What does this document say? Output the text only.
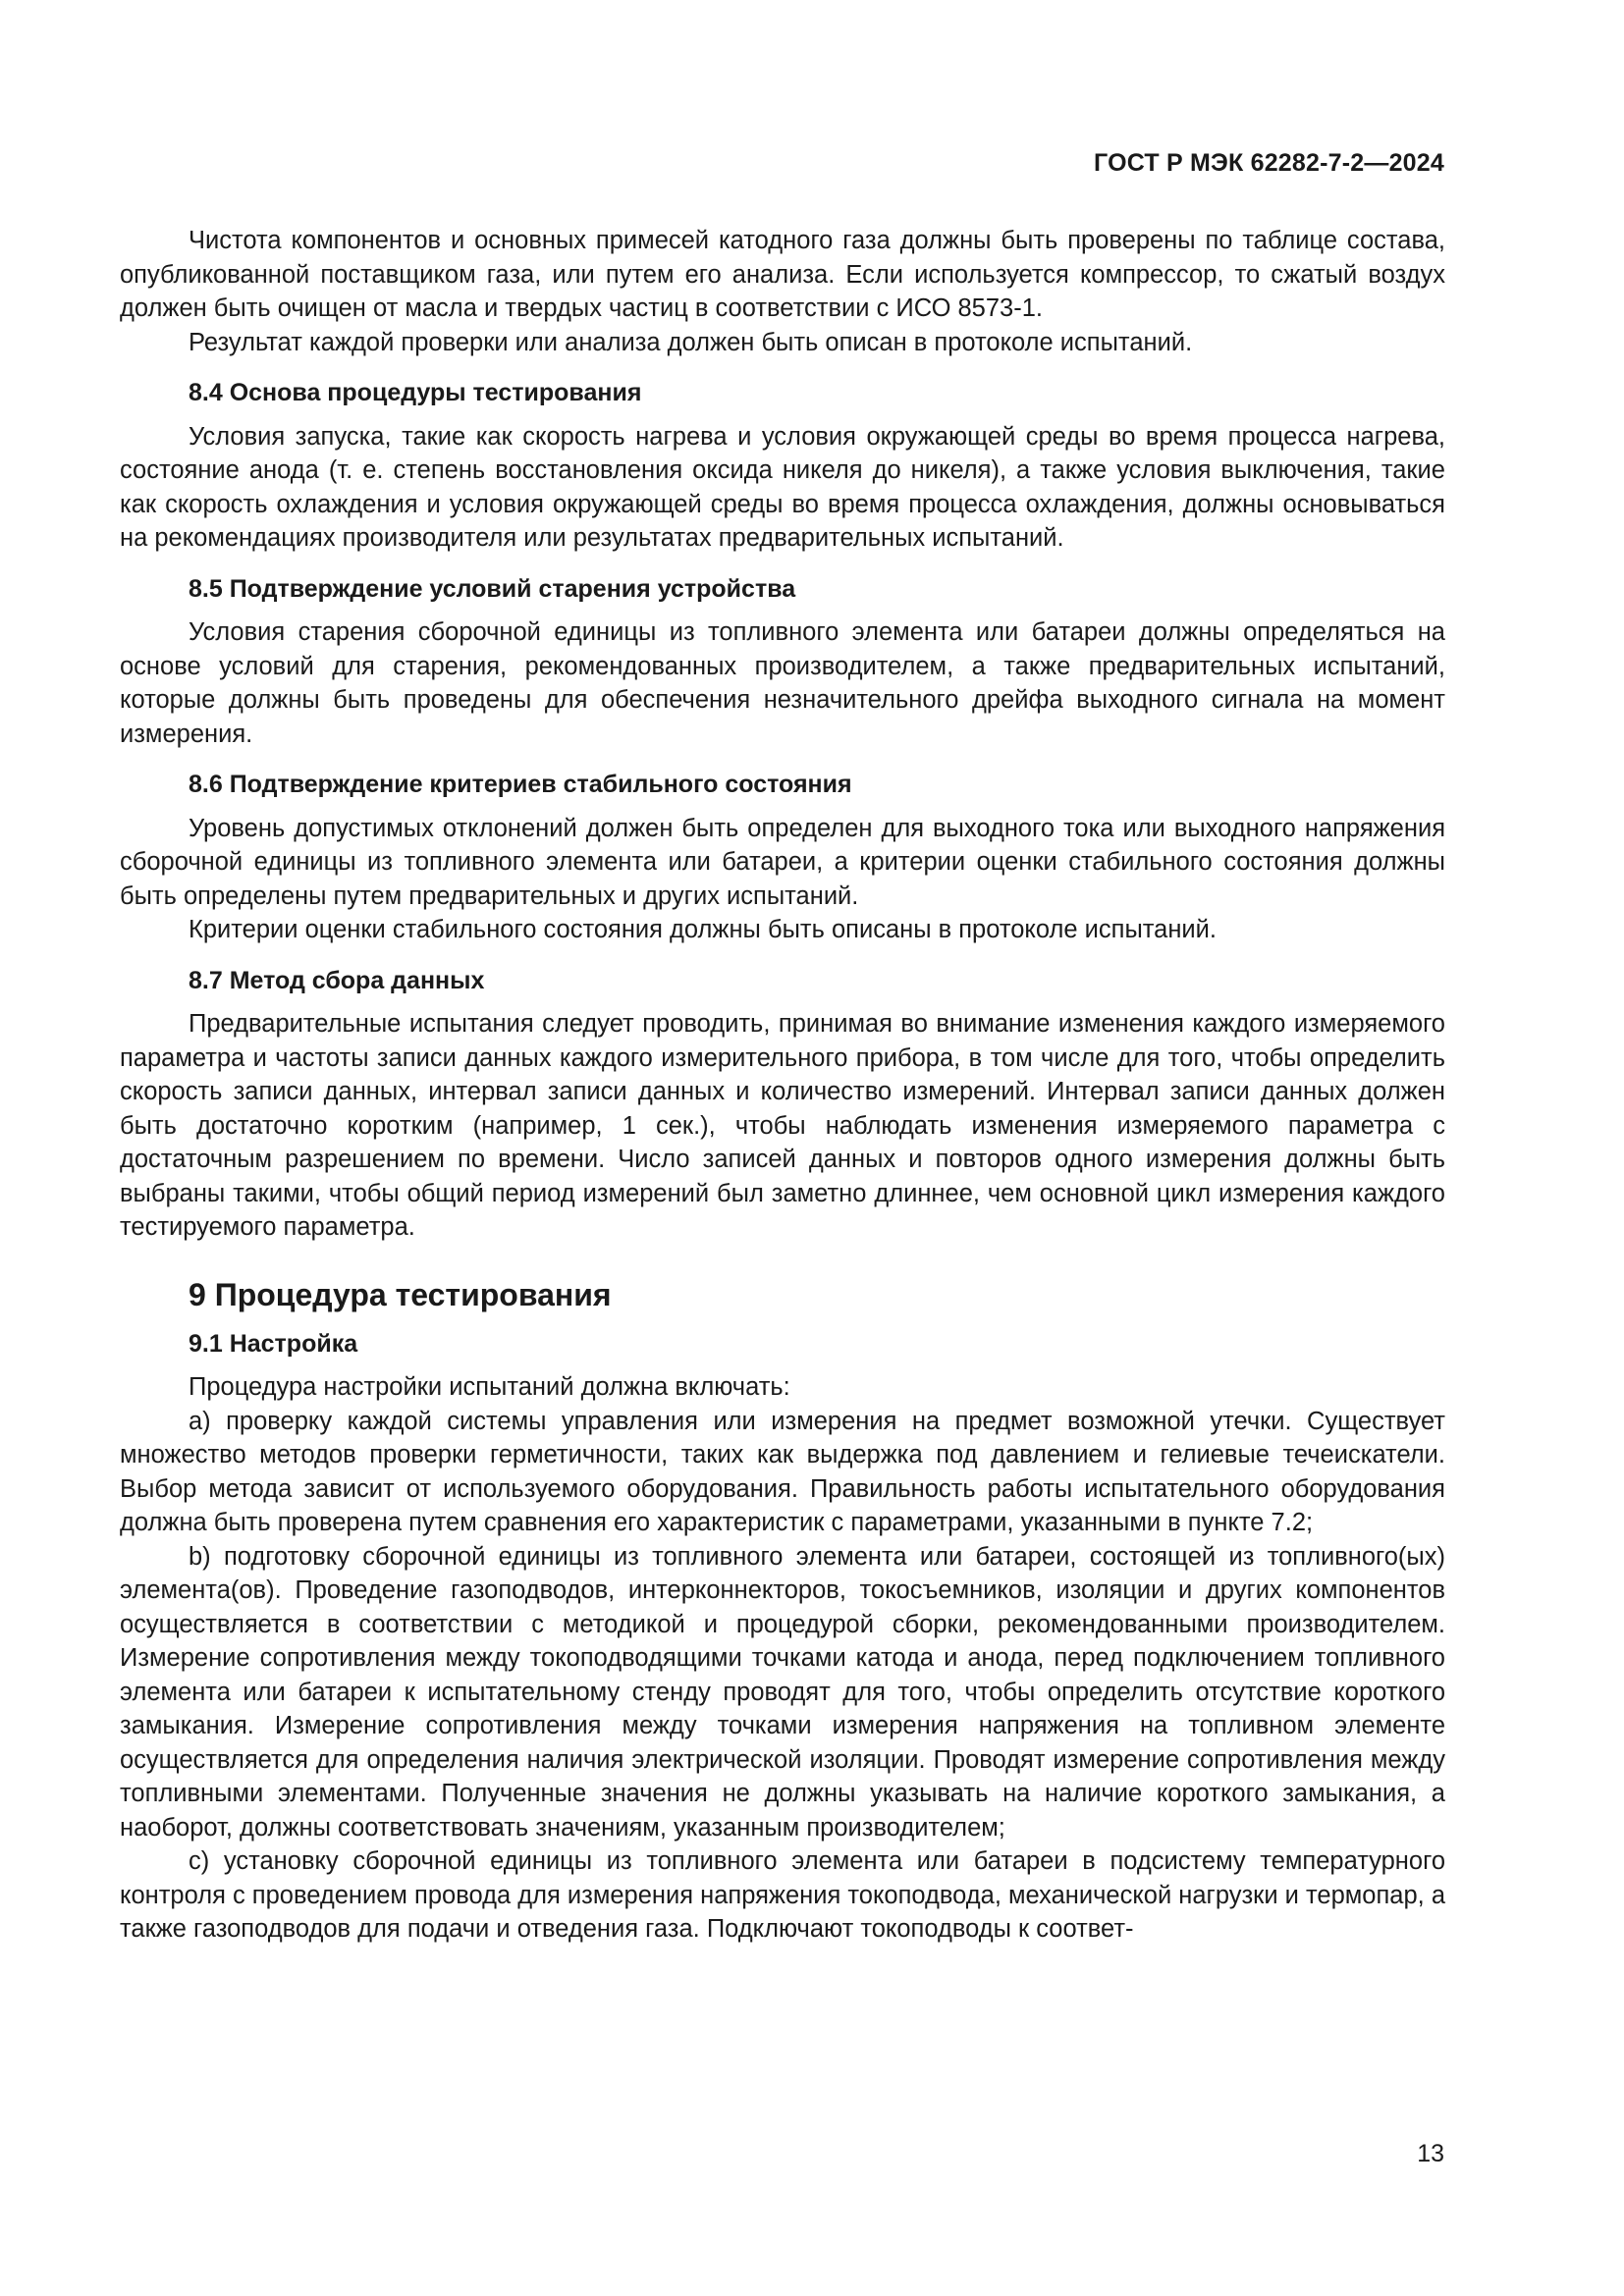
ГОСТ Р МЭК 62282-7-2—2024

Чистота компонентов и основных примесей катодного газа должны быть проверены по таблице состава, опубликованной поставщиком газа, или путем его анализа. Если используется компрессор, то сжатый воздух должен быть очищен от масла и твердых частиц в соответствии с ИСО 8573-1.

Результат каждой проверки или анализа должен быть описан в протоколе испытаний.

8.4 Основа процедуры тестирования

Условия запуска, такие как скорость нагрева и условия окружающей среды во время процесса нагрева, состояние анода (т. е. степень восстановления оксида никеля до никеля), а также условия выключения, такие как скорость охлаждения и условия окружающей среды во время процесса охлаждения, должны основываться на рекомендациях производителя или результатах предварительных испытаний.

8.5 Подтверждение условий старения устройства

Условия старения сборочной единицы из топливного элемента или батареи должны определяться на основе условий для старения, рекомендованных производителем, а также предварительных испытаний, которые должны быть проведены для обеспечения незначительного дрейфа выходного сигнала на момент измерения.

8.6 Подтверждение критериев стабильного состояния

Уровень допустимых отклонений должен быть определен для выходного тока или выходного напряжения сборочной единицы из топливного элемента или батареи, а критерии оценки стабильного состояния должны быть определены путем предварительных и других испытаний.

Критерии оценки стабильного состояния должны быть описаны в протоколе испытаний.

8.7 Метод сбора данных

Предварительные испытания следует проводить, принимая во внимание изменения каждого измеряемого параметра и частоты записи данных каждого измерительного прибора, в том числе для того, чтобы определить скорость записи данных, интервал записи данных и количество измерений. Интервал записи данных должен быть достаточно коротким (например, 1 сек.), чтобы наблюдать изменения измеряемого параметра с достаточным разрешением по времени. Число записей данных и повторов одного измерения должны быть выбраны такими, чтобы общий период измерений был заметно длиннее, чем основной цикл измерения каждого тестируемого параметра.

9 Процедура тестирования
9.1 Настройка

Процедура настройки испытаний должна включать:

a) проверку каждой системы управления или измерения на предмет возможной утечки. Существует множество методов проверки герметичности, таких как выдержка под давлением и гелиевые течеискатели. Выбор метода зависит от используемого оборудования. Правильность работы испытательного оборудования должна быть проверена путем сравнения его характеристик с параметрами, указанными в пункте 7.2;

b) подготовку сборочной единицы из топливного элемента или батареи, состоящей из топливного(ых) элемента(ов). Проведение газоподводов, интерконнекторов, токосъемников, изоляции и других компонентов осуществляется в соответствии с методикой и процедурой сборки, рекомендованными производителем. Измерение сопротивления между токоподводящими точками катода и анода, перед подключением топливного элемента или батареи к испытательному стенду проводят для того, чтобы определить отсутствие короткого замыкания. Измерение сопротивления между точками измерения напряжения на топливном элементе осуществляется для определения наличия электрической изоляции. Проводят измерение сопротивления между топливными элементами. Полученные значения не должны указывать на наличие короткого замыкания, а наоборот, должны соответствовать значениям, указанным производителем;

c) установку сборочной единицы из топливного элемента или батареи в подсистему температурного контроля с проведением провода для измерения напряжения токоподвода, механической нагрузки и термопар, а также газоподводов для подачи и отведения газа. Подключают токоподводы к соответ-

13
